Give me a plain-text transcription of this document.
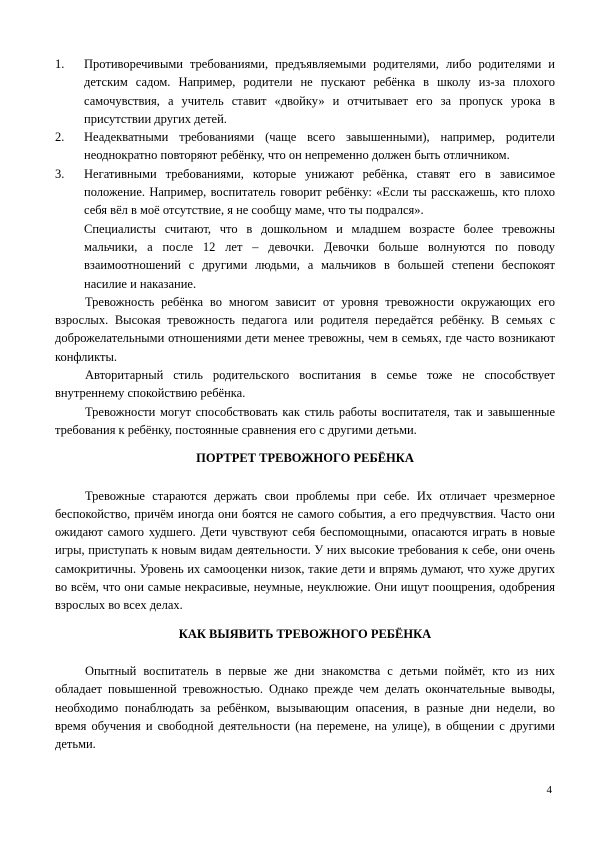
1. Противоречивыми требованиями, предъявляемыми родителями, либо родителями и детским садом. Например, родители не пускают ребёнка в школу из-за плохого самочувствия, а учитель ставит «двойку» и отчитывает его за пропуск урока в присутствии других детей.
2. Неадекватными требованиями (чаще всего завышенными), например, родители неоднократно повторяют ребёнку, что он непременно должен быть отличником.
3. Негативными требованиями, которые унижают ребёнка, ставят его в зависимое положение. Например, воспитатель говорит ребёнку: «Если ты расскажешь, кто плохо себя вёл в моё отсутствие, я не сообщу маме, что ты подрался».

Специалисты считают, что в дошкольном и младшем возрасте более тревожны мальчики, а после 12 лет – девочки. Девочки больше волнуются по поводу взаимоотношений с другими людьми, а мальчиков в большей степени беспокоят насилие и наказание.

Тревожность ребёнка во многом зависит от уровня тревожности окружающих его взрослых. Высокая тревожность педагога или родителя передаётся ребёнку. В семьях с доброжелательными отношениями дети менее тревожны, чем в семьях, где часто возникают конфликты.

Авторитарный стиль родительского воспитания в семье тоже не способствует внутреннему спокойствию ребёнка.

Тревожности могут способствовать как стиль работы воспитателя, так и завышенные требования к ребёнку, постоянные сравнения его с другими детьми.

ПОРТРЕТ ТРЕВОЖНОГО РЕБЁНКА

Тревожные стараются держать свои проблемы при себе. Их отличает чрезмерное беспокойство, причём иногда они боятся не самого события, а его предчувствия. Часто они ожидают самого худшего. Дети чувствуют себя беспомощными, опасаются играть в новые игры, приступать к новым видам деятельности. У них высокие требования к себе, они очень самокритичны. Уровень их самооценки низок, такие дети и впрямь думают, что хуже других во всём, что они самые некрасивые, неумные, неуклюжие. Они ищут поощрения, одобрения взрослых во всех делах.

КАК ВЫЯВИТЬ ТРЕВОЖНОГО РЕБЁНКА

Опытный воспитатель в первые же дни знакомства с детьми поймёт, кто из них обладает повышенной тревожностью. Однако прежде чем делать окончательные выводы, необходимо понаблюдать за ребёнком, вызывающим опасения, в разные дни недели, во время обучения и свободной деятельности (на перемене, на улице), в общении с другими детьми.

4
